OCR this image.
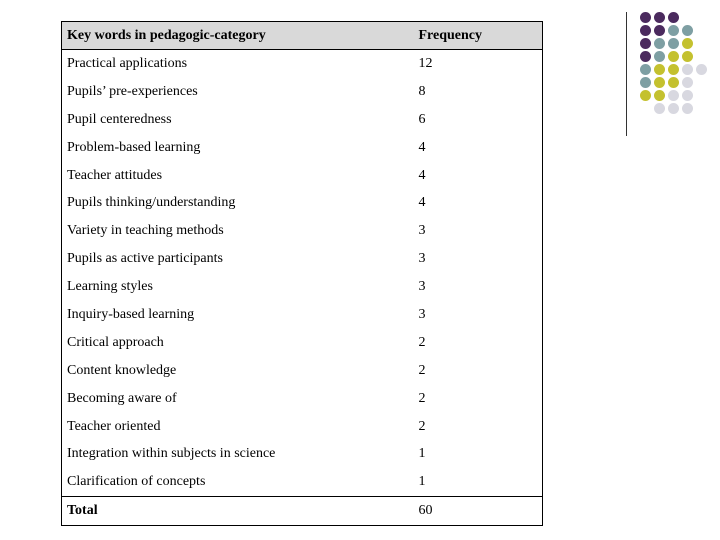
Key words in pedagogic-category	Frequency
Practical applications	12
Pupils’ pre-experiences	8
Pupil centeredness	6
Problem-based learning	4
Teacher attitudes	4
Pupils thinking/understanding	4
Variety in teaching methods	3
Pupils as active participants	3
Learning styles	3
Inquiry-based learning	3
Critical approach	2
Content knowledge	2
Becoming aware of	2
Teacher oriented	2
Integration within subjects in science	1
Clarification of concepts	1
Total	60
